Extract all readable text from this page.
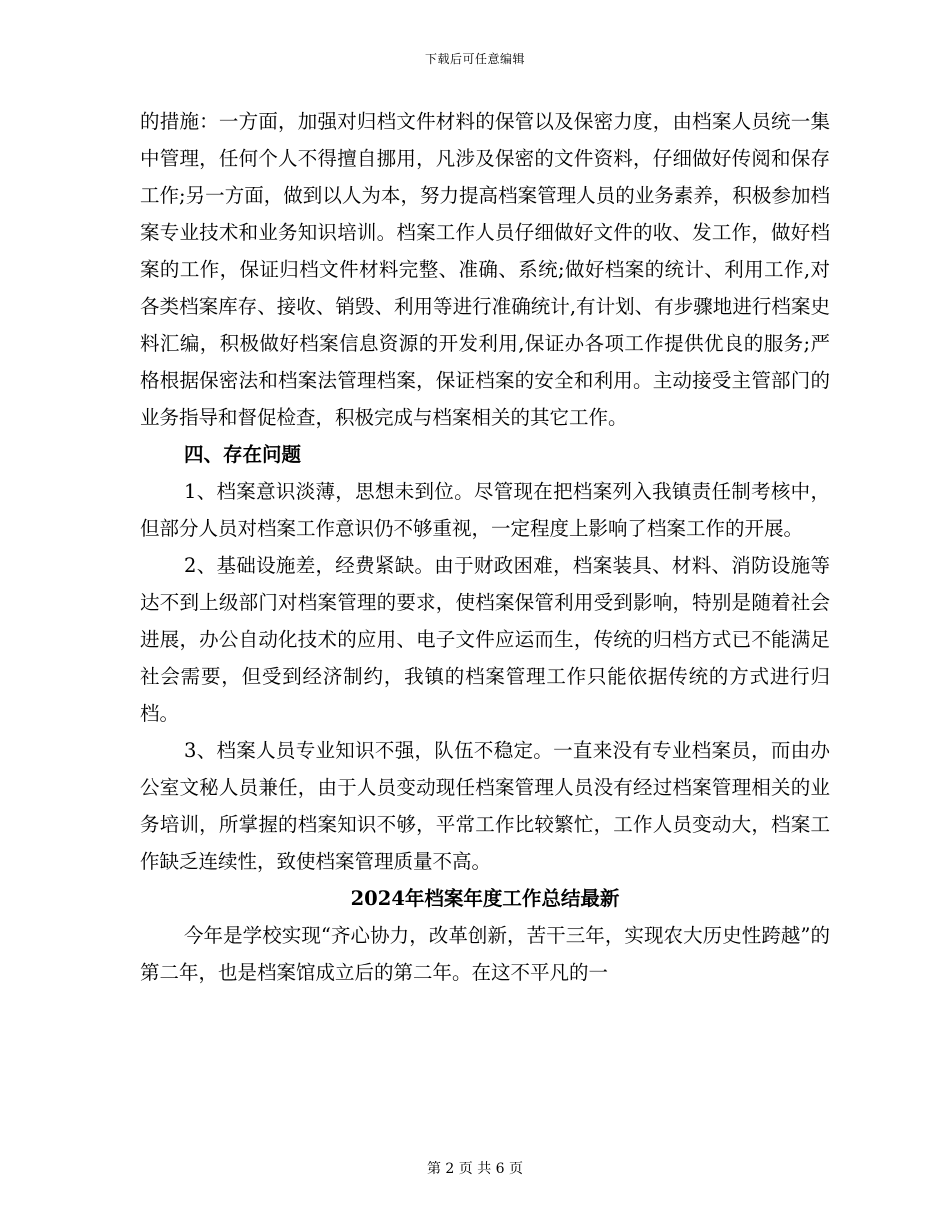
下载后可任意编辑

的措施：一方面，加强对归档文件材料的保管以及保密力度，由档案人员统一集中管理，任何个人不得擅自挪用，凡涉及保密的文件资料，仔细做好传阅和保存工作;另一方面，做到以人为本，努力提高档案管理人员的业务素养，积极参加档案专业技术和业务知识培训。档案工作人员仔细做好文件的收、发工作，做好档案的工作，保证归档文件材料完整、准确、系统;做好档案的统计、利用工作,对各类档案库存、接收、销毁、利用等进行准确统计,有计划、有步骤地进行档案史料汇编，积极做好档案信息资源的开发利用,保证办各项工作提供优良的服务;严格根据保密法和档案法管理档案，保证档案的安全和利用。主动接受主管部门的业务指导和督促检查，积极完成与档案相关的其它工作。

四、存在问题

1、档案意识淡薄，思想未到位。尽管现在把档案列入我镇责任制考核中，但部分人员对档案工作意识仍不够重视，一定程度上影响了档案工作的开展。

2、基础设施差，经费紧缺。由于财政困难，档案装具、材料、消防设施等达不到上级部门对档案管理的要求，使档案保管利用受到影响，特别是随着社会进展，办公自动化技术的应用、电子文件应运而生，传统的归档方式已不能满足社会需要，但受到经济制约，我镇的档案管理工作只能依据传统的方式进行归档。

3、档案人员专业知识不强，队伍不稳定。一直来没有专业档案员，而由办公室文秘人员兼任，由于人员变动现任档案管理人员没有经过档案管理相关的业务培训，所掌握的档案知识不够，平常工作比较繁忙，工作人员变动大，档案工作缺乏连续性，致使档案管理质量不高。

2024年档案年度工作总结最新

今年是学校实现“齐心协力，改革创新，苦干三年，实现农大历史性跨越”的第二年，也是档案馆成立后的第二年。在这不平凡的一

第 2 页 共 6 页
